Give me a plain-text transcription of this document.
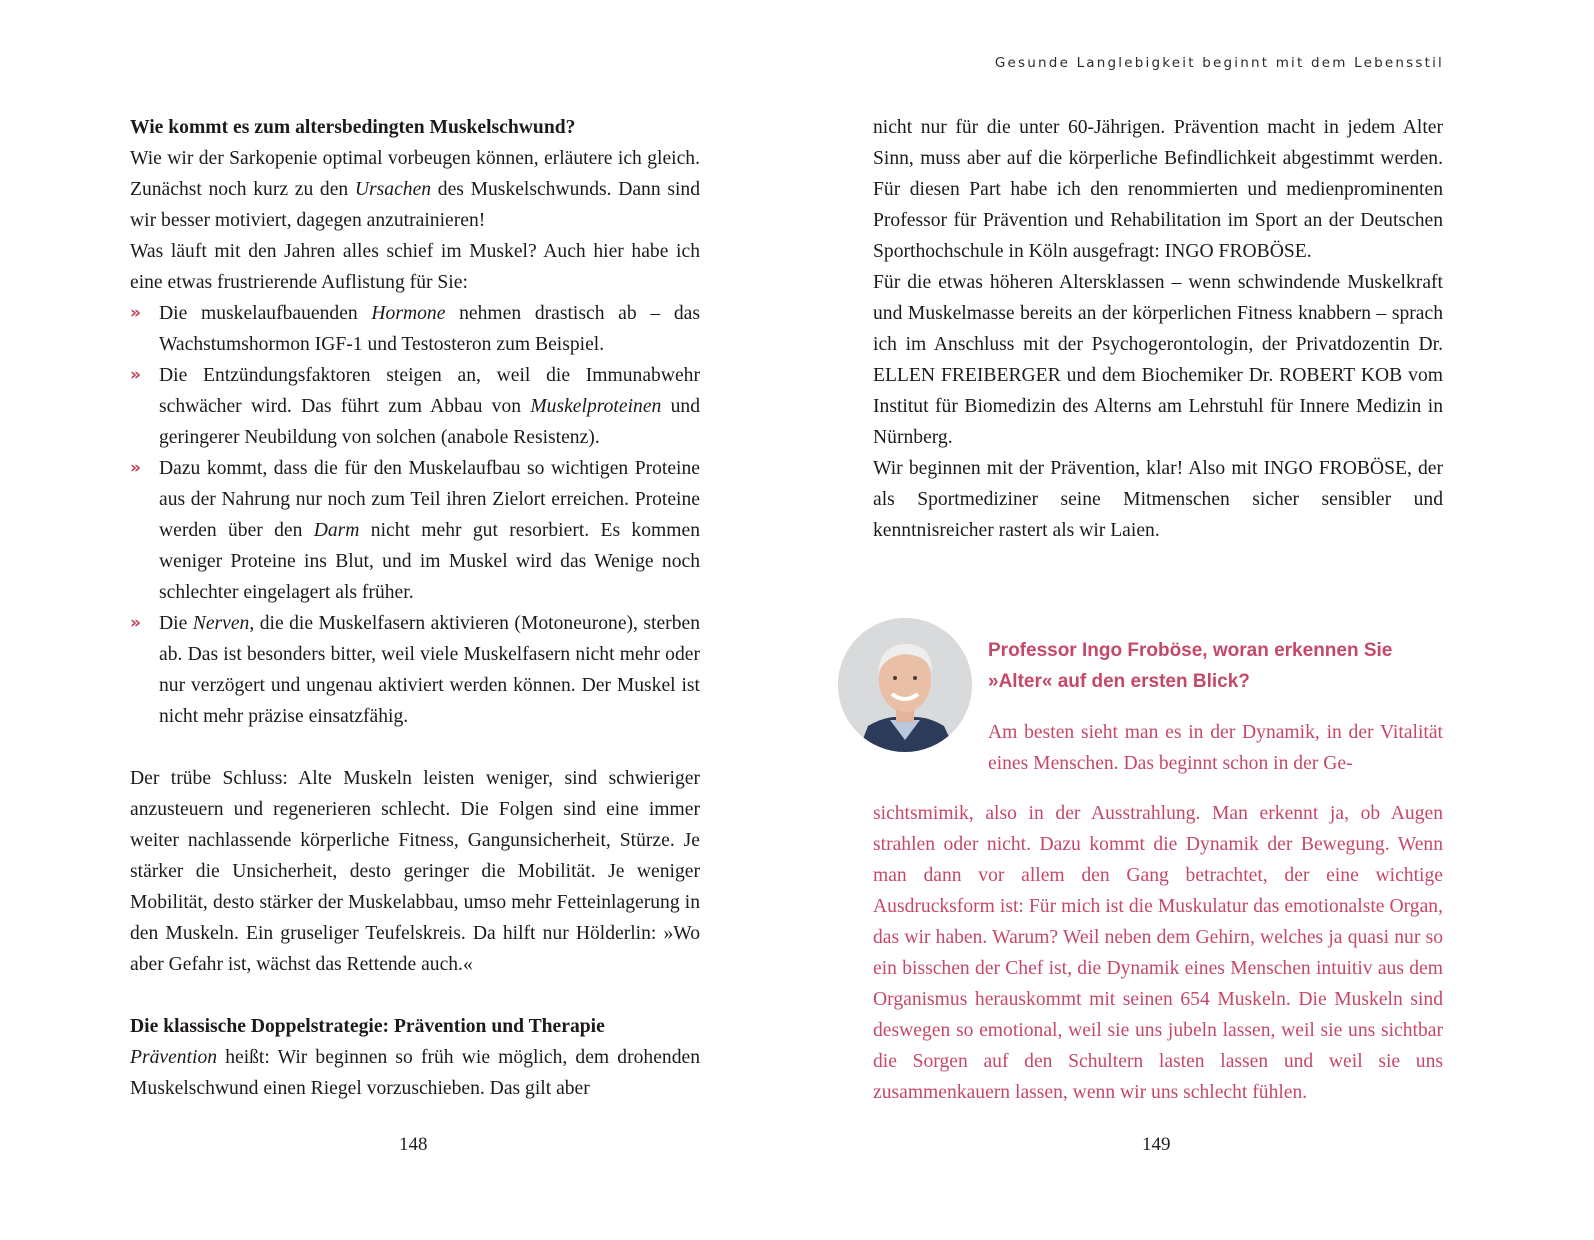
Gesunde Langlebigkeit beginnt mit dem Lebensstil
Wie kommt es zum altersbedingten Muskelschwund?

Wie wir der Sarkopenie optimal vorbeugen können, erläutere ich gleich. Zunächst noch kurz zu den Ursachen des Muskelschwunds. Dann sind wir besser motiviert, dagegen anzutrainieren!

Was läuft mit den Jahren alles schief im Muskel? Auch hier habe ich eine etwas frustrierende Auflistung für Sie:

» Die muskelaufbauenden Hormone nehmen drastisch ab – das Wachstumshormon IGF-1 und Testosteron zum Beispiel.
» Die Entzündungsfaktoren steigen an, weil die Immunabwehr schwächer wird. Das führt zum Abbau von Muskelproteinen und geringerer Neubildung von solchen (anabole Resistenz).
» Dazu kommt, dass die für den Muskelaufbau so wichtigen Proteine aus der Nahrung nur noch zum Teil ihren Zielort erreichen. Proteine werden über den Darm nicht mehr gut resorbiert. Es kommen weniger Proteine ins Blut, und im Muskel wird das Wenige noch schlechter eingelagert als früher.
» Die Nerven, die die Muskelfasern aktivieren (Motoneurone), sterben ab. Das ist besonders bitter, weil viele Muskelfasern nicht mehr oder nur verzögert und ungenau aktiviert werden können. Der Muskel ist nicht mehr präzise einsatzfähig.

Der trübe Schluss: Alte Muskeln leisten weniger, sind schwieriger anzusteuern und regenerieren schlecht. Die Folgen sind eine immer weiter nachlassende körperliche Fitness, Gangunsicherheit, Stürze. Je stärker die Unsicherheit, desto geringer die Mobilität. Je weniger Mobilität, desto stärker der Muskelabbau, umso mehr Fetteinlagerung in den Muskeln. Ein gruseliger Teufelskreis. Da hilft nur Hölderlin: »Wo aber Gefahr ist, wächst das Rettende auch.«

Die klassische Doppelstrategie: Prävention und Therapie

Prävention heißt: Wir beginnen so früh wie möglich, dem drohenden Muskelschwund einen Riegel vorzuschieben. Das gilt aber

148

nicht nur für die unter 60-Jährigen. Prävention macht in jedem Alter Sinn, muss aber auf die körperliche Befindlichkeit abgestimmt werden. Für diesen Part habe ich den renommierten und medienprominenten Professor für Prävention und Rehabilitation im Sport an der Deutschen Sporthochschule in Köln ausgefragt: INGO FROBÖSE.

Für die etwas höheren Altersklassen – wenn schwindende Muskelkraft und Muskelmasse bereits an der körperlichen Fitness knabbern – sprach ich im Anschluss mit der Psychogerontologin, der Privatdozentin Dr. ELLEN FREIBERGER und dem Biochemiker Dr. ROBERT KOB vom Institut für Biomedizin des Alterns am Lehrstuhl für Innere Medizin in Nürnberg.

Wir beginnen mit der Prävention, klar! Also mit INGO FROBÖSE, der als Sportmediziner seine Mitmenschen sicher sensibler und kenntnisreicher rastert als wir Laien.

Professor Ingo Froböse, woran erkennen Sie
»Alter« auf den ersten Blick?

Am besten sieht man es in der Dynamik, in der Vitalität eines Menschen. Das beginnt schon in der Ge-

sichtsmimik, also in der Ausstrahlung. Man erkennt ja, ob Augen strahlen oder nicht. Dazu kommt die Dynamik der Bewegung. Wenn man dann vor allem den Gang betrachtet, der eine wichtige Ausdrucksform ist: Für mich ist die Muskulatur das emotionalste Organ, das wir haben. Warum? Weil neben dem Gehirn, welches ja quasi nur so ein bisschen der Chef ist, die Dynamik eines Menschen intuitiv aus dem Organismus herauskommt mit seinen 654 Muskeln. Die Muskeln sind deswegen so emotional, weil sie uns jubeln lassen, weil sie uns sichtbar die Sorgen auf den Schultern lasten lassen und weil sie uns zusammenkauern lassen, wenn wir uns schlecht fühlen.

149
